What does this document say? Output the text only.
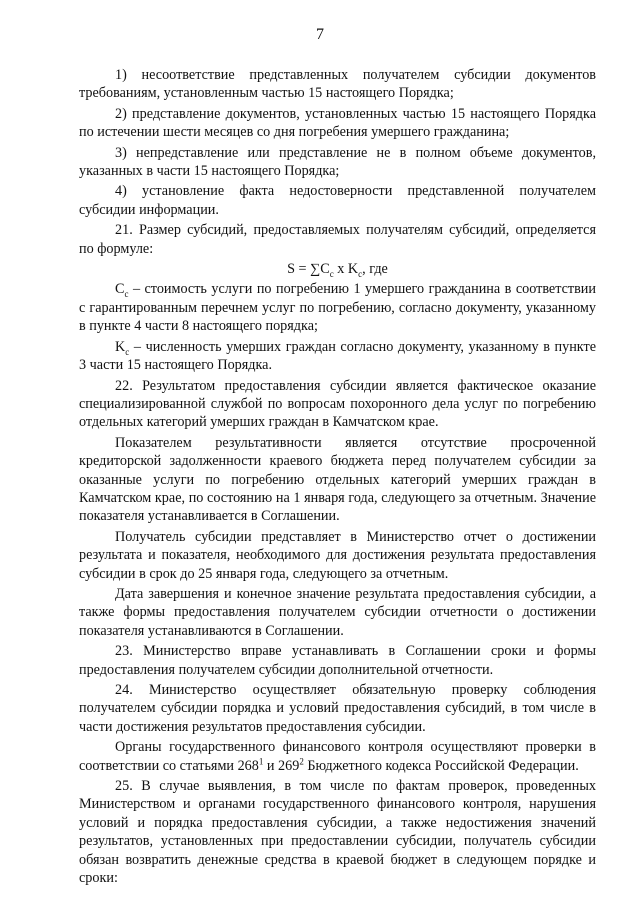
7

1) несоответствие представленных получателем субсидии документов требованиям, установленным частью 15 настоящего Порядка;

2) представление документов, установленных частью 15 настоящего Порядка по истечении шести месяцев со дня погребения умершего гражданина;

3) непредставление или представление не в полном объеме документов, указанных в части 15 настоящего Порядка;

4) установление факта недостоверности представленной получателем субсидии информации.

21. Размер субсидий, предоставляемых получателям субсидий, определяется по формуле:

$S = \sum C_c$ x $K_c$, где

$C_c$ – стоимость услуги по погребению 1 умершего гражданина в соответствии с гарантированным перечнем услуг по погребению, согласно документу, указанному в пункте 4 части 8 настоящего порядка;

$K_c$ – численность умерших граждан согласно документу, указанному в пункте 3 части 15 настоящего Порядка.

22. Результатом предоставления субсидии является фактическое оказание специализированной службой по вопросам похоронного дела услуг по погребению отдельных категорий умерших граждан в Камчатском крае.

Показателем результативности является отсутствие просроченной кредиторской задолженности краевого бюджета перед получателем субсидии за оказанные услуги по погребению отдельных категорий умерших граждан в Камчатском крае, по состоянию на 1 января года, следующего за отчетным. Значение показателя устанавливается в Соглашении.

Получатель субсидии представляет в Министерство отчет о достижении результата и показателя, необходимого для достижения результата предоставления субсидии в срок до 25 января года, следующего за отчетным.

Дата завершения и конечное значение результата предоставления субсидии, а также формы предоставления получателем субсидии отчетности о достижении показателя устанавливаются в Соглашении.

23. Министерство вправе устанавливать в Соглашении сроки и формы предоставления получателем субсидии дополнительной отчетности.

24. Министерство осуществляет обязательную проверку соблюдения получателем субсидии порядка и условий предоставления субсидий, в том числе в части достижения результатов предоставления субсидии.

Органы государственного финансового контроля осуществляют проверки в соответствии со статьями $268^1$ и $269^2$ Бюджетного кодекса Российской Федерации.

25. В случае выявления, в том числе по фактам проверок, проведенных Министерством и органами государственного финансового контроля, нарушения условий и порядка предоставления субсидии, а также недостижения значений результатов, установленных при предоставлении субсидии, получатель субсидии обязан возвратить денежные средства в краевой бюджет в следующем порядке и сроки:
